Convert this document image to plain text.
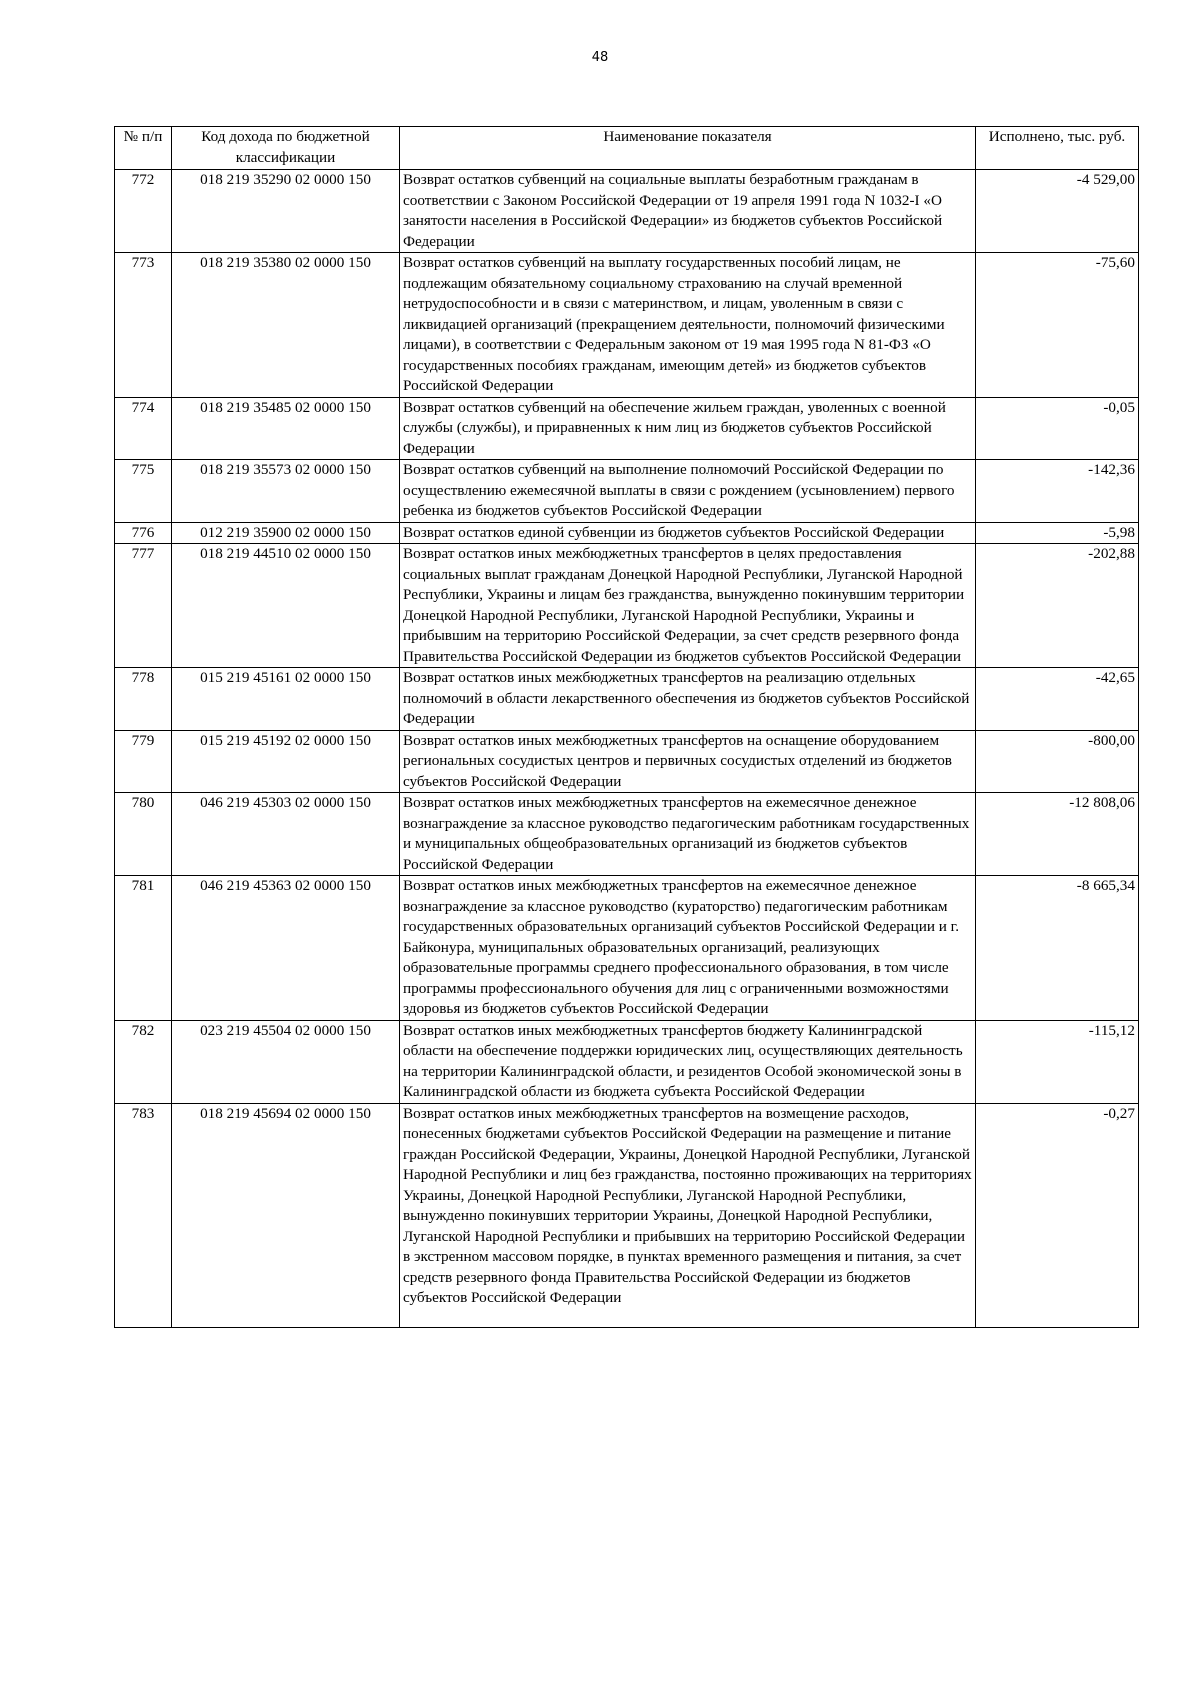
48
№ п/п	Код дохода по бюджетной классификации	Наименование показателя	Исполнено, тыс. руб.
772	018 219 35290 02 0000 150	Возврат остатков субвенций на социальные выплаты безработным гражданам в соответствии с Законом Российской Федерации от 19 апреля 1991 года N 1032-I «О занятости населения в Российской Федерации» из бюджетов субъектов Российской Федерации	-4 529,00
773	018 219 35380 02 0000 150	Возврат остатков субвенций на выплату государственных пособий лицам, не подлежащим обязательному социальному страхованию на случай временной нетрудоспособности и в связи с материнством, и лицам, уволенным в связи с ликвидацией организаций (прекращением деятельности, полномочий физическими лицами), в соответствии с Федеральным законом от 19 мая 1995 года N 81-ФЗ «О государственных пособиях гражданам, имеющим детей» из бюджетов субъектов Российской Федерации	-75,60
774	018 219 35485 02 0000 150	Возврат остатков субвенций на обеспечение жильем граждан, уволенных с военной службы (службы), и приравненных к ним лиц из бюджетов субъектов Российской Федерации	-0,05
775	018 219 35573 02 0000 150	Возврат остатков субвенций на выполнение полномочий Российской Федерации по осуществлению ежемесячной выплаты в связи с рождением (усыновлением) первого ребенка из бюджетов субъектов Российской Федерации	-142,36
776	012 219 35900 02 0000 150	Возврат остатков единой субвенции из бюджетов субъектов Российской Федерации	-5,98
777	018 219 44510 02 0000 150	Возврат остатков иных межбюджетных трансфертов в целях предоставления социальных выплат гражданам Донецкой Народной Республики, Луганской Народной Республики, Украины и лицам без гражданства, вынужденно покинувшим территории Донецкой Народной Республики, Луганской Народной Республики, Украины и прибывшим на территорию Российской Федерации, за счет средств резервного фонда Правительства Российской Федерации из бюджетов субъектов Российской Федерации	-202,88
778	015 219 45161 02 0000 150	Возврат остатков иных межбюджетных трансфертов на реализацию отдельных полномочий в области лекарственного обеспечения из бюджетов субъектов Российской Федерации	-42,65
779	015 219 45192 02 0000 150	Возврат остатков иных межбюджетных трансфертов на оснащение оборудованием региональных сосудистых центров и первичных сосудистых отделений из бюджетов субъектов Российской Федерации	-800,00
780	046 219 45303 02 0000 150	Возврат остатков иных межбюджетных трансфертов на ежемесячное денежное вознаграждение за классное руководство педагогическим работникам государственных и муниципальных общеобразовательных организаций из бюджетов субъектов Российской Федерации	-12 808,06
781	046 219 45363 02 0000 150	Возврат остатков иных межбюджетных трансфертов на ежемесячное денежное вознаграждение за классное руководство (кураторство) педагогическим работникам государственных образовательных организаций субъектов Российской Федерации и г. Байконура, муниципальных образовательных организаций, реализующих образовательные программы среднего профессионального образования, в том числе программы профессионального обучения для лиц с ограниченными возможностями здоровья из бюджетов субъектов Российской Федерации	-8 665,34
782	023 219 45504 02 0000 150	Возврат остатков иных межбюджетных трансфертов бюджету Калининградской области на обеспечение поддержки юридических лиц, осуществляющих деятельность на территории Калининградской области, и резидентов Особой экономической зоны в Калининградской области из бюджета субъекта Российской Федерации	-115,12
783	018 219 45694 02 0000 150	Возврат остатков иных межбюджетных трансфертов на возмещение расходов, понесенных бюджетами субъектов Российской Федерации на размещение и питание граждан Российской Федерации, Украины, Донецкой Народной Республики, Луганской Народной Республики и лиц без гражданства, постоянно проживающих на территориях Украины, Донецкой Народной Республики, Луганской Народной Республики, вынужденно покинувших территории Украины, Донецкой Народной Республики, Луганской Народной Республики и прибывших на территорию Российской Федерации в экстренном массовом порядке, в пунктах временного размещения и питания, за счет средств резервного фонда Правительства Российской Федерации из бюджетов субъектов Российской Федерации	-0,27
